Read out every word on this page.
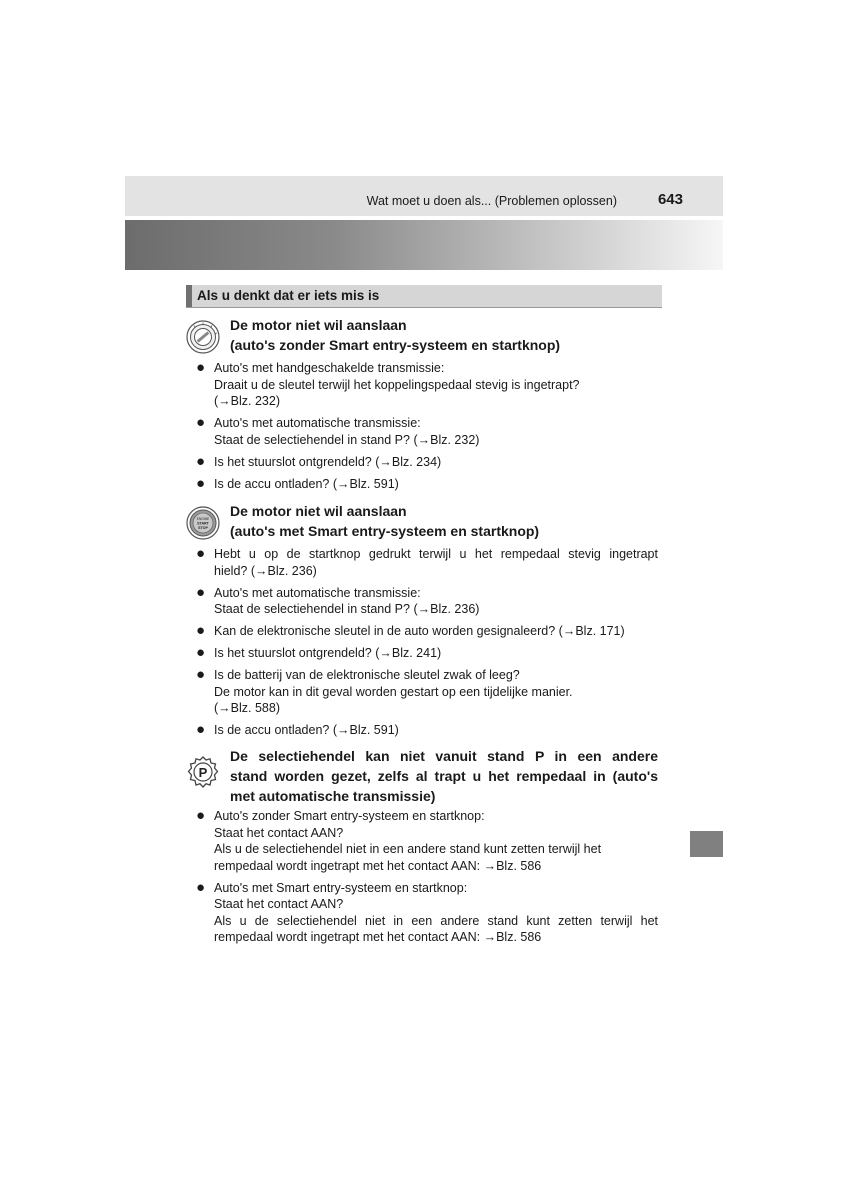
Wat moet u doen als... (Problemen oplossen)	643
Als u denkt dat er iets mis is
De motor niet wil aanslaan
(auto's zonder Smart entry-systeem en startknop)
● Auto's met handgeschakelde transmissie:
Draait u de sleutel terwijl het koppelingspedaal stevig is ingetrapt?
(→Blz. 232)
● Auto's met automatische transmissie:
Staat de selectiehendel in stand P? (→Blz. 232)
● Is het stuurslot ontgrendeld? (→Blz. 234)
● Is de accu ontladen? (→Blz. 591)
ENGINE
START
STOP
De motor niet wil aanslaan
(auto's met Smart entry-systeem en startknop)
● Hebt u op de startknop gedrukt terwijl u het rempedaal stevig ingetrapt
hield? (→Blz. 236)
● Auto's met automatische transmissie:
Staat de selectiehendel in stand P? (→Blz. 236)
● Kan de elektronische sleutel in de auto worden gesignaleerd? (→Blz. 171)
● Is het stuurslot ontgrendeld? (→Blz. 241)
● Is de batterij van de elektronische sleutel zwak of leeg?
De motor kan in dit geval worden gestart op een tijdelijke manier.
(→Blz. 588)
● Is de accu ontladen? (→Blz. 591)
P
De selectiehendel kan niet vanuit stand P in een andere
stand worden gezet, zelfs al trapt u het rempedaal in (auto's
met automatische transmissie)
● Auto's zonder Smart entry-systeem en startknop:
Staat het contact AAN?
Als u de selectiehendel niet in een andere stand kunt zetten terwijl het
rempedaal wordt ingetrapt met het contact AAN: →Blz. 586
● Auto's met Smart entry-systeem en startknop:
Staat het contact AAN?
Als u de selectiehendel niet in een andere stand kunt zetten terwijl het
rempedaal wordt ingetrapt met het contact AAN: →Blz. 586
